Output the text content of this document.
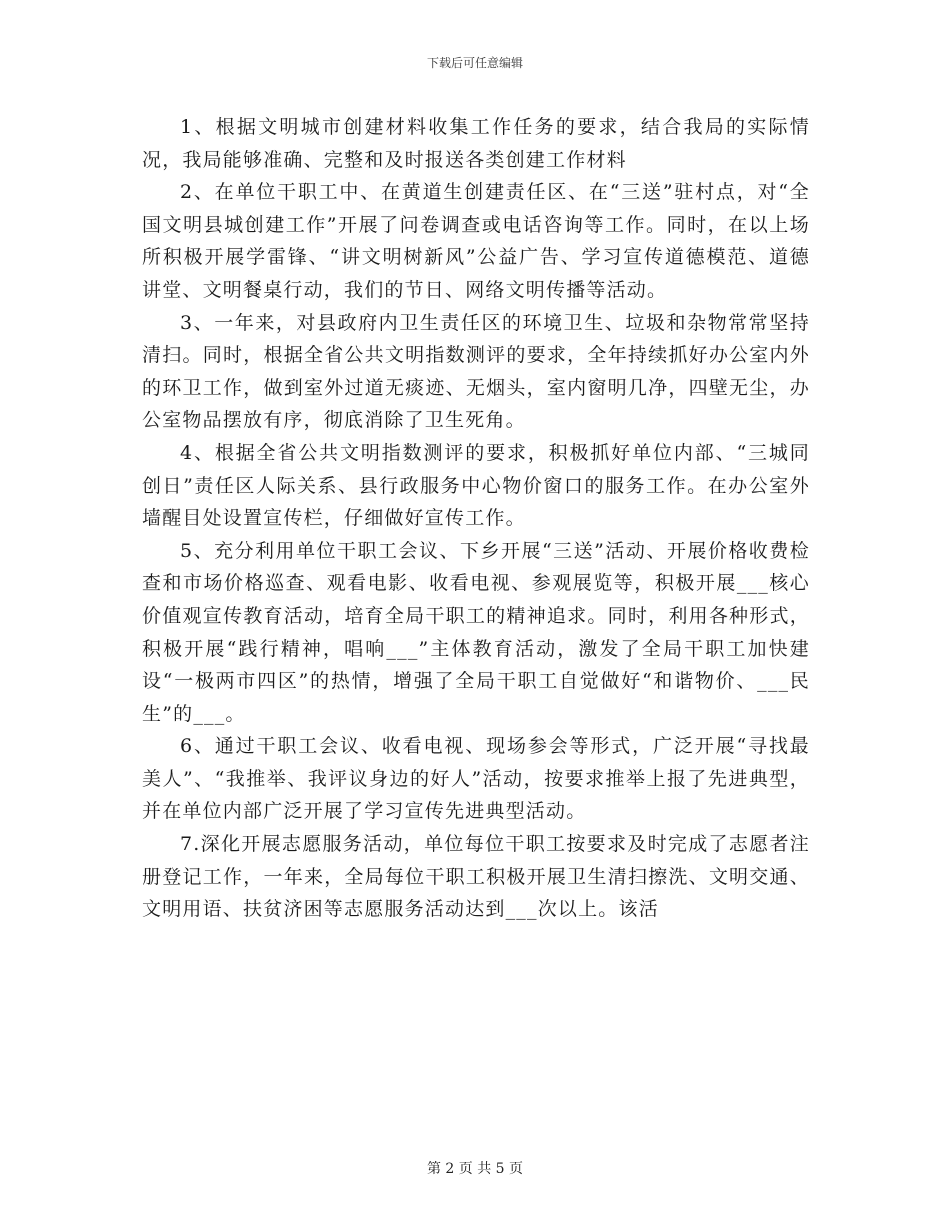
下载后可任意编辑

1、根据文明城市创建材料收集工作任务的要求，结合我局的实际情况，我局能够准确、完整和及时报送各类创建工作材料

2、在单位干职工中、在黄道生创建责任区、在“三送”驻村点，对“全国文明县城创建工作”开展了问卷调查或电话咨询等工作。同时，在以上场所积极开展学雷锋、“讲文明树新风”公益广告、学习宣传道德模范、道德讲堂、文明餐桌行动，我们的节日、网络文明传播等活动。

3、一年来，对县政府内卫生责任区的环境卫生、垃圾和杂物常常坚持清扫。同时，根据全省公共文明指数测评的要求，全年持续抓好办公室内外的环卫工作，做到室外过道无痰迹、无烟头，室内窗明几净，四壁无尘，办公室物品摆放有序，彻底消除了卫生死角。

4、根据全省公共文明指数测评的要求，积极抓好单位内部、“三城同创日”责任区人际关系、县行政服务中心物价窗口的服务工作。在办公室外墙醒目处设置宣传栏，仔细做好宣传工作。

5、充分利用单位干职工会议、下乡开展“三送”活动、开展价格收费检查和市场价格巡查、观看电影、收看电视、参观展览等，积极开展___核心价值观宣传教育活动，培育全局干职工的精神追求。同时，利用各种形式，积极开展“践行精神，唱响___”主体教育活动，激发了全局干职工加快建设“一极两市四区”的热情，增强了全局干职工自觉做好“和谐物价、___民生”的___。

6、通过干职工会议、收看电视、现场参会等形式，广泛开展“寻找最美人”、“我推举、我评议身边的好人”活动，按要求推举上报了先进典型，并在单位内部广泛开展了学习宣传先进典型活动。

7.深化开展志愿服务活动，单位每位干职工按要求及时完成了志愿者注册登记工作，一年来，全局每位干职工积极开展卫生清扫擦洗、文明交通、文明用语、扶贫济困等志愿服务活动达到___次以上。该活

第 2 页 共 5 页
